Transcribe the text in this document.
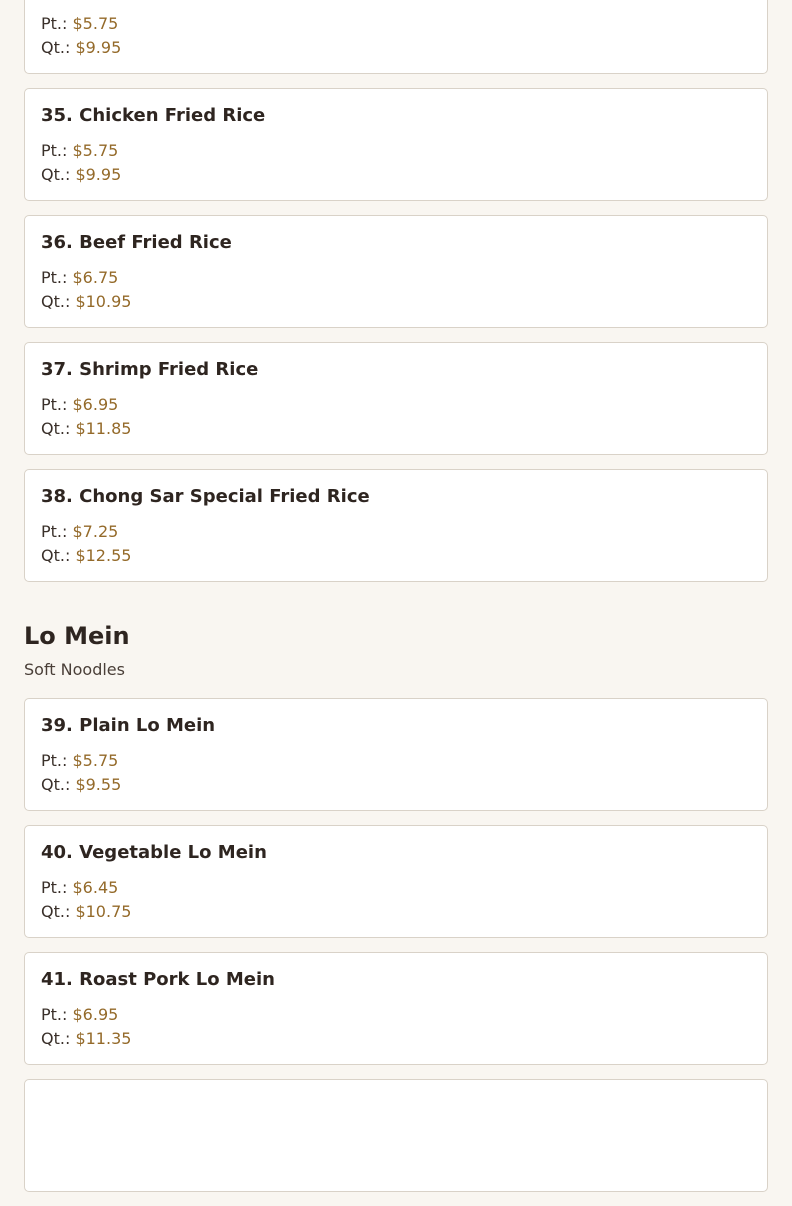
Pt.: $5.75
Qt.: $9.95
35. Chicken Fried Rice
Pt.: $5.75
Qt.: $9.95
36. Beef Fried Rice
Pt.: $6.75
Qt.: $10.95
37. Shrimp Fried Rice
Pt.: $6.95
Qt.: $11.85
38. Chong Sar Special Fried Rice
Pt.: $7.25
Qt.: $12.55
Lo Mein
Soft Noodles
39. Plain Lo Mein
Pt.: $5.75
Qt.: $9.55
40. Vegetable Lo Mein
Pt.: $6.45
Qt.: $10.75
41. Roast Pork Lo Mein
Pt.: $6.95
Qt.: $11.35
